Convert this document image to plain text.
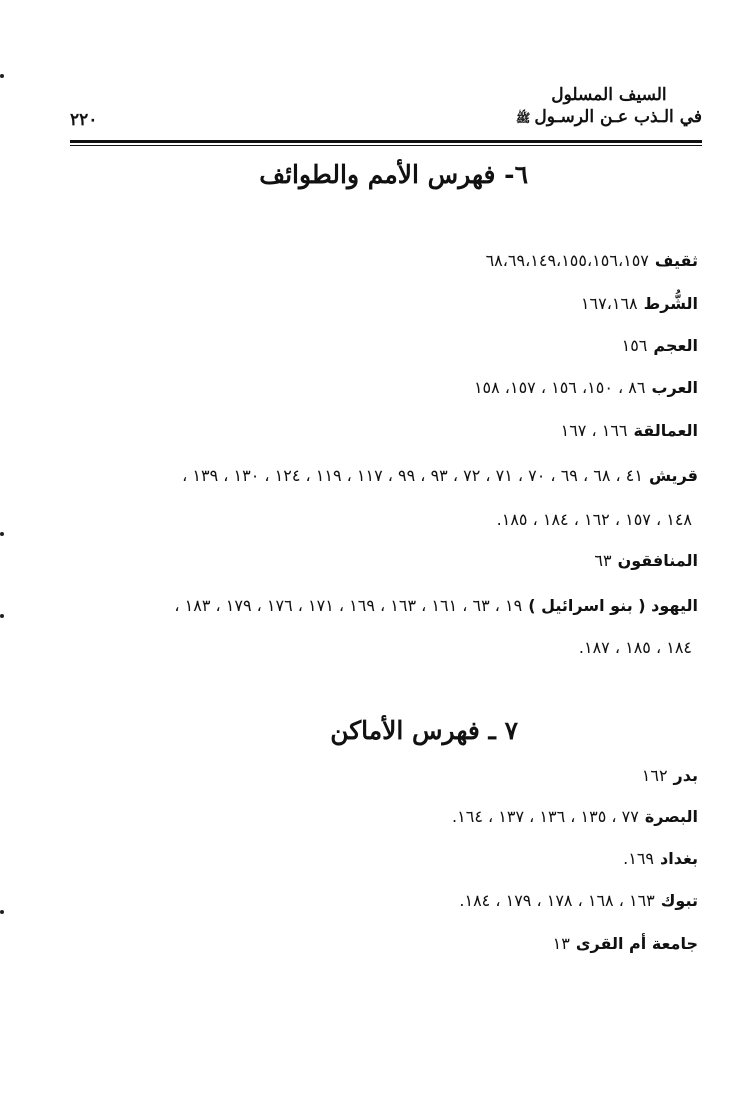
السيف المسلول
في الـذب عـن الرسـولﷺ
٢٢٠
٦- فهرس الأمم والطوائف
ثقيف٦٨،٦٩،١٤٩،١٥٥،١٥٦،١٥٧
الشُّرط١٦٧،١٦٨
العجم١٥٦
العرب٨٦ ، ١٥٠، ١٥٦ ، ١٥٧، ١٥٨
العمالقة١٦٦ ، ١٦٧
قريش٤١ ، ٦٨ ، ٦٩ ، ٧٠ ، ٧١ ، ٧٢ ، ٩٣ ، ٩٩ ، ١١٧ ، ١١٩ ، ١٢٤ ، ١٣٠ ، ١٣٩ ،
١٤٨ ، ١٥٧ ، ١٦٢ ، ١٨٤ ، ١٨٥.
المنافقون٦٣
اليهود ( بنو اسرائيل )١٩ ، ٦٣ ، ١٦١ ، ١٦٣ ، ١٦٩ ، ١٧١ ، ١٧٦ ، ١٧٩ ، ١٨٣ ،
١٨٤ ، ١٨٥ ، ١٨٧.
٧ ـ فهرس الأماكن
بدر١٦٢
البصرة٧٧ ، ١٣٥ ، ١٣٦ ، ١٣٧ ، ١٦٤.
بغداد١٦٩.
تبوك١٦٣ ، ١٦٨ ، ١٧٨ ، ١٧٩ ، ١٨٤.
جامعة أم القرى١٣
